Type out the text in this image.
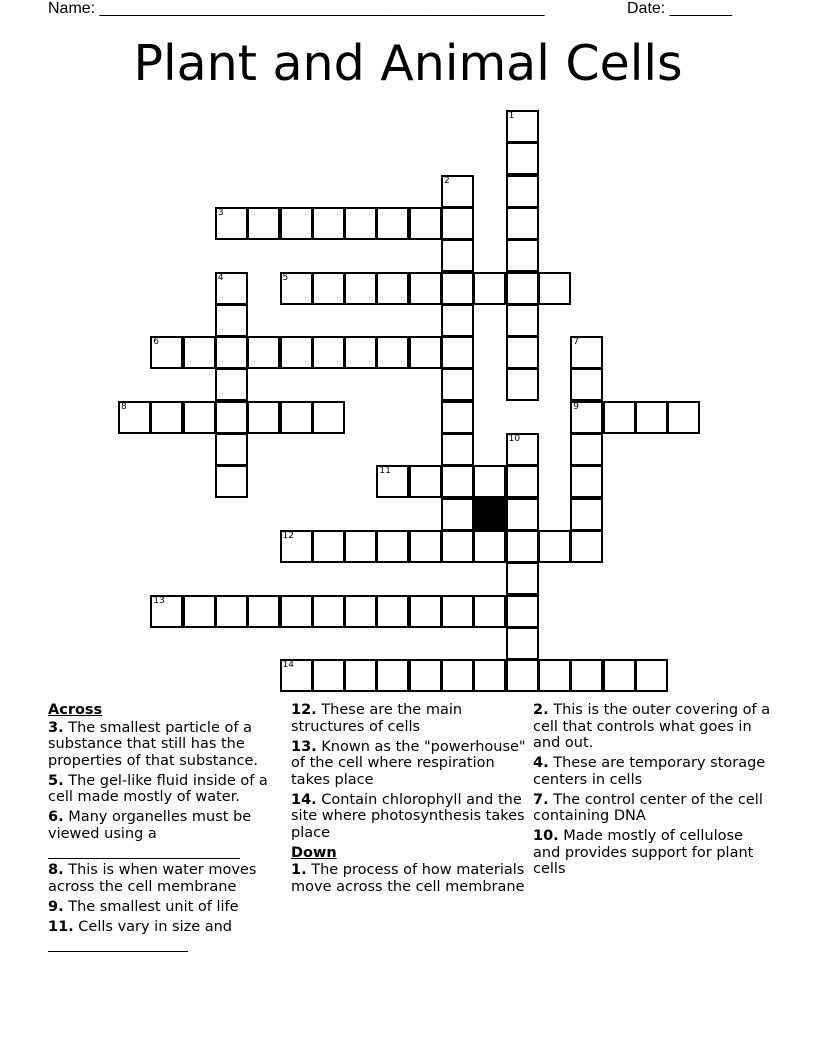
Name: __________________________________________________	Date: _______
Plant and Animal Cells
1
2
3
4	5
6	7
9
8
10
11
12
13
14
Across
3. The smallest particle of a substance that still has the properties of that substance.
5. The gel-like fluid inside of a cell made mostly of water.
6. Many organelles must be viewed using a

8. This is when water moves across the cell membrane
9. The smallest unit of life
11. Cells vary in size and

12. These are the main structures of cells
13. Known as the "powerhouse" of the cell where respiration takes place
14. Contain chlorophyll and the site where photosynthesis takes place
Down
1. The process of how materials move across the cell membrane
2. This is the outer covering of a cell that controls what goes in and out.
4. These are temporary storage centers in cells
7. The control center of the cell containing DNA
10. Made mostly of cellulose and provides support for plant cells
